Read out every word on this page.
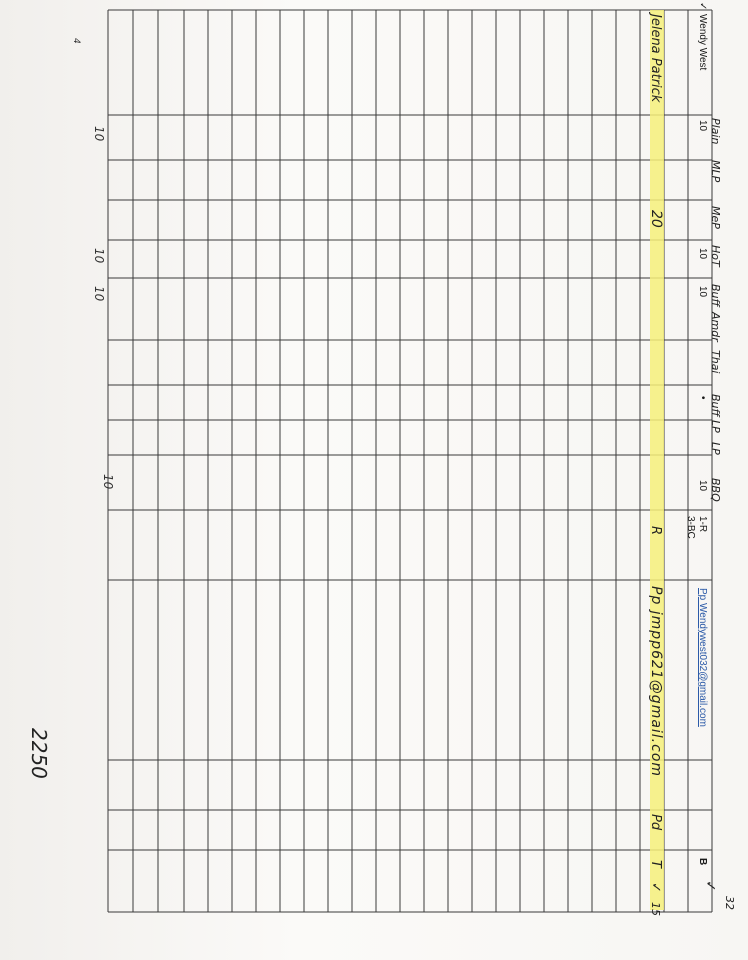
Plain
MLP
MeP
HoT
Buff
Amdr
Thai
Buff LP
LP
BBQ
✓
Wendy West
10
10
10
•
10
1-R
3-BC
Pp Wendywest032@gmail.com
B
✓
32
Jelena Patrick
20
R
Pp jmpp621@gmail.com
Pd
T
✓
15
4
10
10
10
10
2250
